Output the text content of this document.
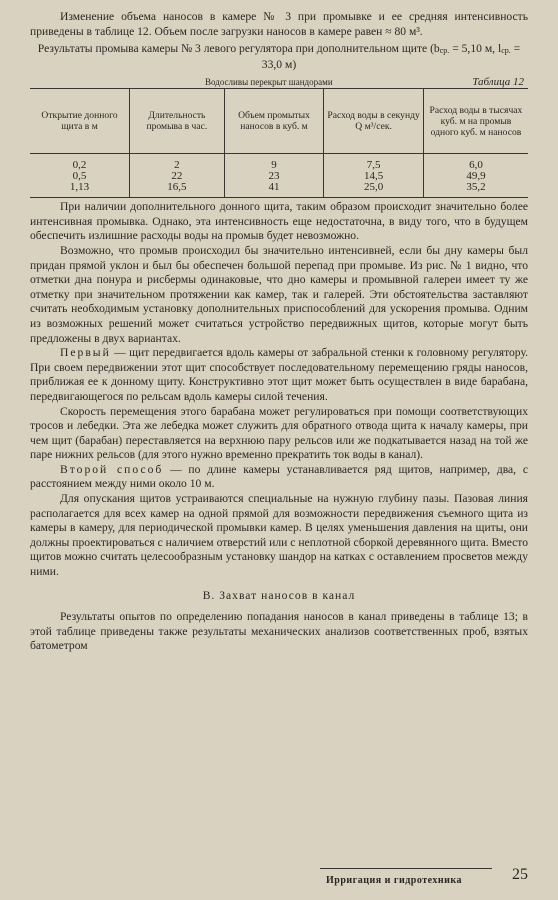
Изменение объема наносов в камере № 3 при промывке и ее средняя интенсивность приведены в таблице 12. Объем после загрузки наносов в камере равен ≈ 80 м³.

Результаты промыва камеры № 3 левого регулятора при дополнительном щите (bср. = 5,10 м, lср. = 33,0 м)

Водосливы перекрыт шандорами	Таблица 12
Открытие донного щита в м	Длительность промыва в час.	Объем промытых наносов в куб. м	Расход воды в секунду Q м³/сек.	Расход воды в тысячах куб. м на промыв одного куб. м наносов
0,2	2	9	7,5	6,0
0,5	22	23	14,5	49,9
1,13	16,5	41	25,0	35,2

При наличии дополнительного донного щита, таким образом происходит значительно более интенсивная промывка. Однако, эта интенсивность еще недостаточна, в виду того, что в будущем обеспечить излишние расходы воды на промыв будет невозможно.

Возможно, что промыв происходил бы значительно интенсивней, если бы дну камеры был придан прямой уклон и был бы обеспечен большой перепад при промыве. Из рис. № 1 видно, что отметки дна понура и рисбермы одинаковые, что дно камеры и промывной галереи имеет ту же отметку при значительном протяжении как камер, так и галерей. Эти обстоятельства заставляют считать необходимым установку дополнительных приспособлений для ускорения промыва. Одним из возможных решений может считаться устройство передвижных щитов, которые могут быть предложены в двух вариантах.

Первый — щит передвигается вдоль камеры от забральной стенки к головному регулятору. При своем передвижении этот щит способствует последовательному перемещению гряды наносов, приближая ее к донному щиту. Конструктивно этот щит может быть осуществлен в виде барабана, передвигающегося по рельсам вдоль камеры силой течения.

Скорость перемещения этого барабана может регулироваться при помощи соответствующих тросов и лебедки. Эта же лебедка может служить для обратного отвода щита к началу камеры, при чем щит (барабан) переставляется на верхнюю пару рельсов или же подкатывается назад на той же паре нижних рельсов (для этого нужно временно прекратить ток воды в канал).

Второй способ — по длине камеры устанавливается ряд щитов, например, два, с расстоянием между ними около 10 м.

Для опускания щитов устраиваются специальные на нужную глубину пазы. Пазовая линия располагается для всех камер на одной прямой для возможности передвижения съемного щита из камеры в камеру, для периодической промывки камер. В целях уменьшения давления на щиты, они должны проектироваться с наличием отверстий или с неплотной сборкой деревянного щита. Вместо щитов можно считать целесообразным установку шандор на катках с оставлением просветов между ними.

В. Захват наносов в канал

Результаты опытов по определению попадания наносов в канал приведены в таблице 13; в этой таблице приведены также результаты механических анализов соответственных проб, взятых батометром

Ирригация и гидротехника	25
